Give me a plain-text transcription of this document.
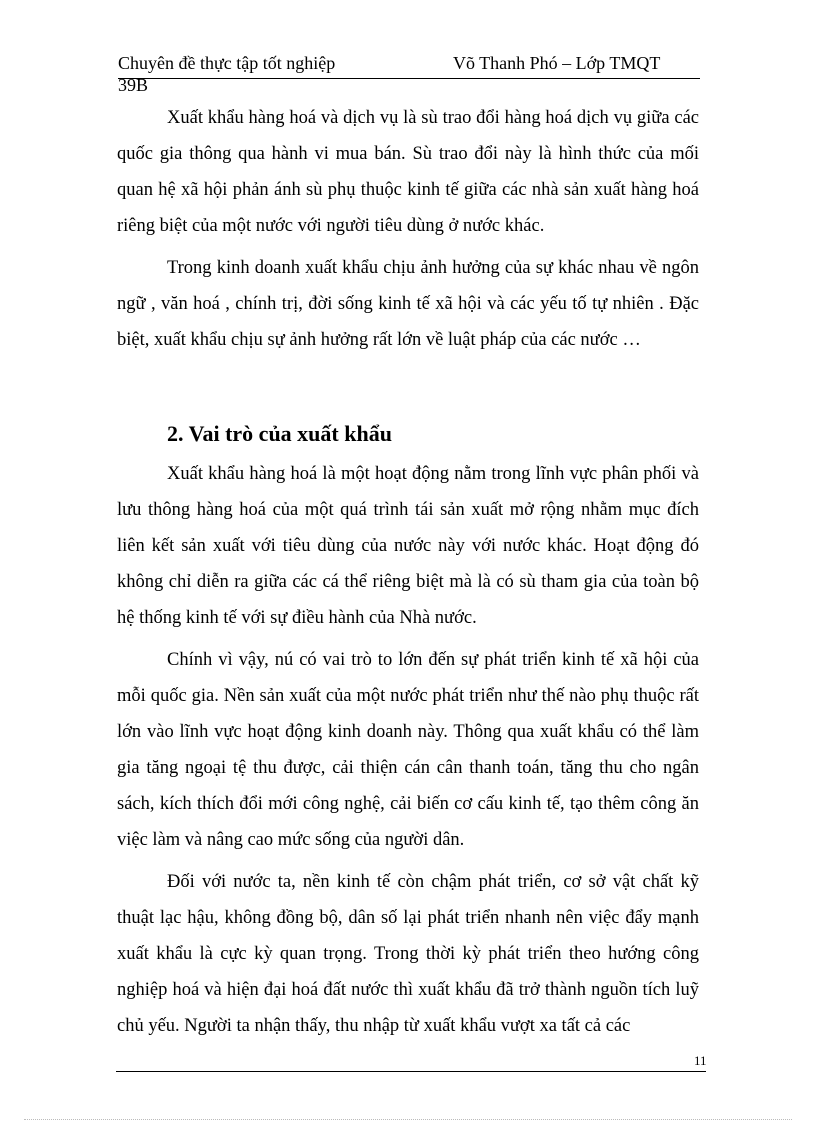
Chuyên đề thực tập tốt nghiệp	Võ Thanh Phó – Lớp TMQT
39B

Xuất khẩu hàng hoá và dịch vụ là sù trao đổi hàng hoá dịch vụ giữa các quốc gia thông qua hành vi mua bán. Sù trao đổi này là hình thức của mối quan hệ xã hội phản ánh sù phụ thuộc kinh tế giữa các nhà sản xuất hàng hoá riêng biệt của một nước với người tiêu dùng ở nước khác.

Trong kinh doanh xuất khẩu chịu ảnh hưởng của sự khác nhau về ngôn ngữ , văn hoá , chính trị, đời sống kinh tế xã hội và các yếu tố tự nhiên . Đặc biệt, xuất khẩu chịu sự ảnh hưởng rất lớn về luật pháp của các nước …

2. Vai trò của xuất khẩu

Xuất khẩu hàng hoá là một hoạt động nằm trong lĩnh vực phân phối và lưu thông hàng hoá của một quá trình tái sản xuất mở rộng nhằm mục đích liên kết sản xuất với tiêu dùng của nước này với nước khác. Hoạt động đó không chỉ diễn ra giữa các cá thể riêng biệt mà là có sù tham gia của toàn bộ hệ thống kinh tế với sự điều hành của Nhà nước.

Chính vì vậy, nú có vai trò to lớn đến sự phát triển kinh tế xã hội của mỗi quốc gia. Nền sản xuất của một nước phát triển như thế nào phụ thuộc rất lớn vào lĩnh vực hoạt động kinh doanh này. Thông qua xuất khẩu có thể làm gia tăng ngoại tệ thu được, cải thiện cán cân thanh toán, tăng thu cho ngân sách, kích thích đổi mới công nghệ, cải biến cơ cấu kinh tế, tạo thêm công ăn việc làm và nâng cao mức sống của người dân.

Đối với nước ta, nền kinh tế còn chậm phát triển, cơ sở vật chất kỹ thuật lạc hậu, không đồng bộ, dân số lại phát triển nhanh nên việc đẩy mạnh xuất khẩu là cực kỳ quan trọng. Trong thời kỳ phát triển theo hướng công nghiệp hoá và hiện đại hoá đất nước thì xuất khẩu đã trở thành nguồn tích luỹ chủ yếu. Người ta nhận thấy, thu nhập từ xuất khẩu vượt xa tất cả các

11
